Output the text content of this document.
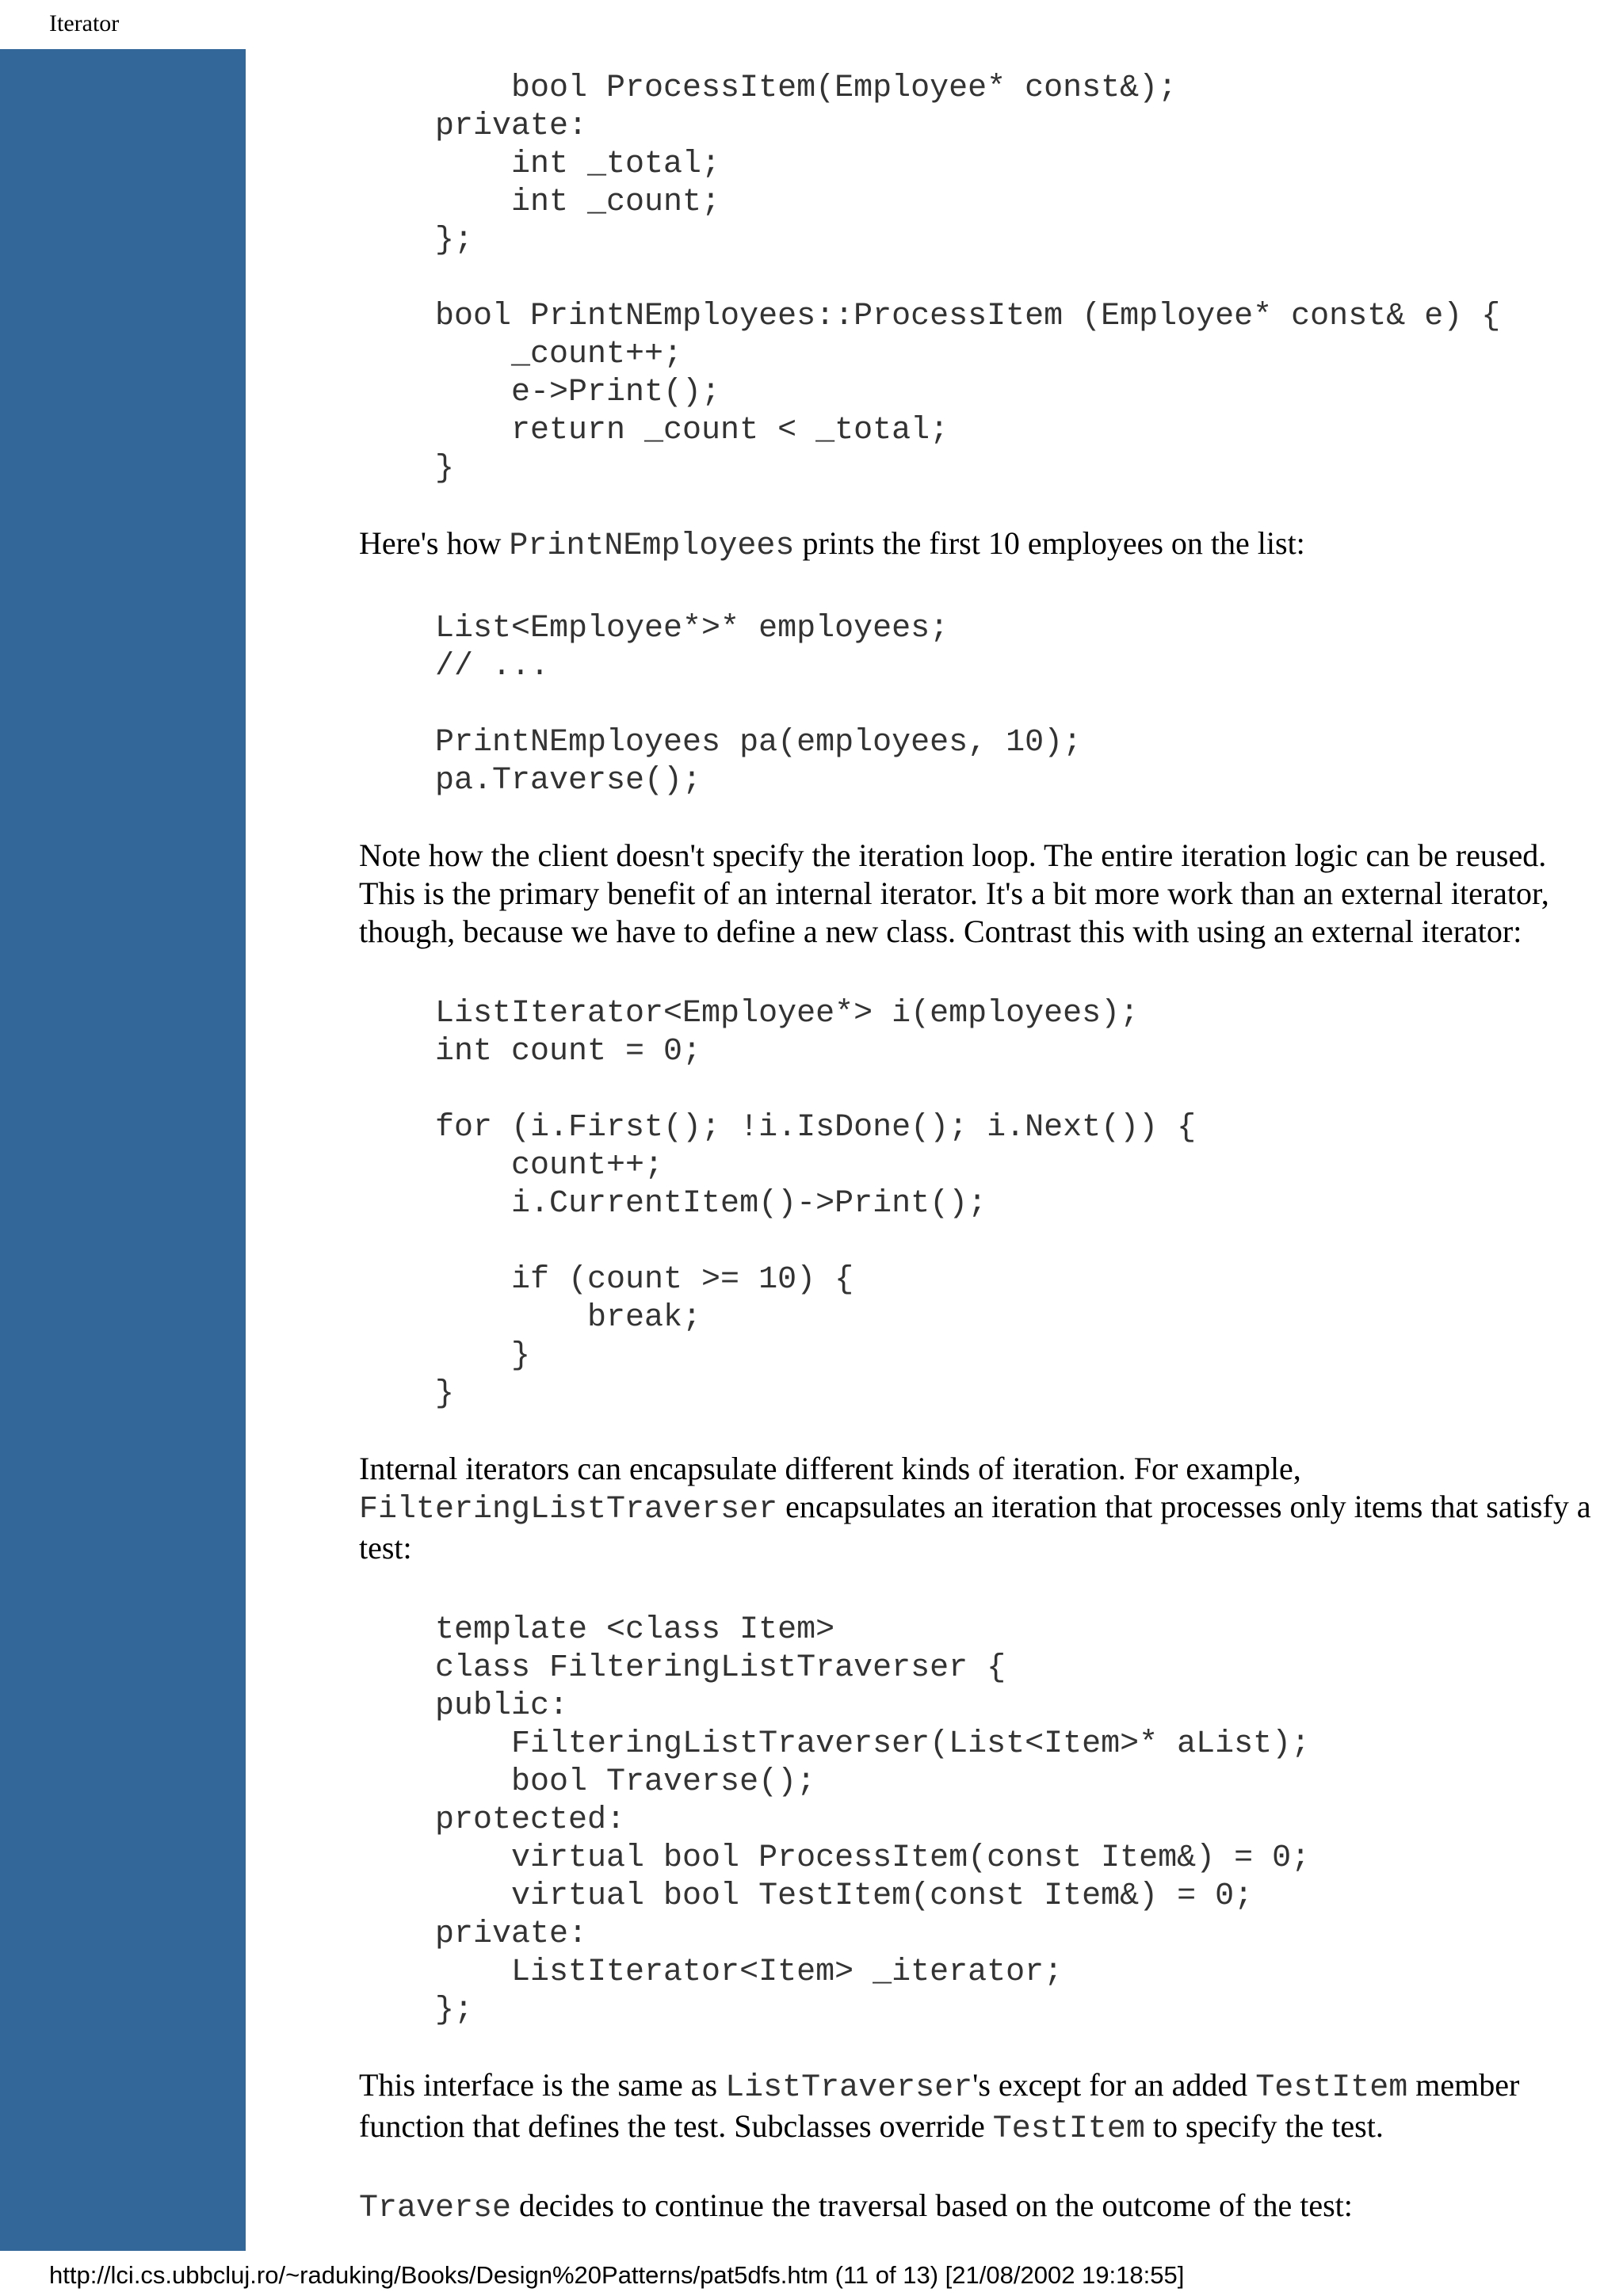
Iterator
bool ProcessItem(Employee* const&);
private:
int _total;
int _count;
};
bool PrintNEmployees::ProcessItem (Employee* const& e) {
_count++;
e->Print();
return _count < _total;
}

Here's how PrintNEmployees prints the first 10 employees on the list:

List<Employee*>* employees;
// ...
PrintNEmployees pa(employees, 10);
pa.Traverse();

Note how the client doesn't specify the iteration loop. The entire iteration logic can be reused.
This is the primary benefit of an internal iterator. It's a bit more work than an external iterator,
though, because we have to define a new class. Contrast this with using an external iterator:

ListIterator<Employee*> i(employees);
int count = 0;
for (i.First(); !i.IsDone(); i.Next()) {
count++;
i.CurrentItem()->Print();
if (count >= 10) {
break;
}
}

Internal iterators can encapsulate different kinds of iteration. For example,
FilteringListTraverser encapsulates an iteration that processes only items that satisfy a
test:

template <class Item>
class FilteringListTraverser {
public:
FilteringListTraverser(List<Item>* aList);
bool Traverse();
protected:
virtual bool ProcessItem(const Item&) = 0;
virtual bool TestItem(const Item&) = 0;
private:
ListIterator<Item> _iterator;
};

This interface is the same as ListTraverser's except for an added TestItem member
function that defines the test. Subclasses override TestItem to specify the test.

Traverse decides to continue the traversal based on the outcome of the test:

http://lci.cs.ubbcluj.ro/~raduking/Books/Design%20Patterns/pat5dfs.htm (11 of 13) [21/08/2002 19:18:55]
